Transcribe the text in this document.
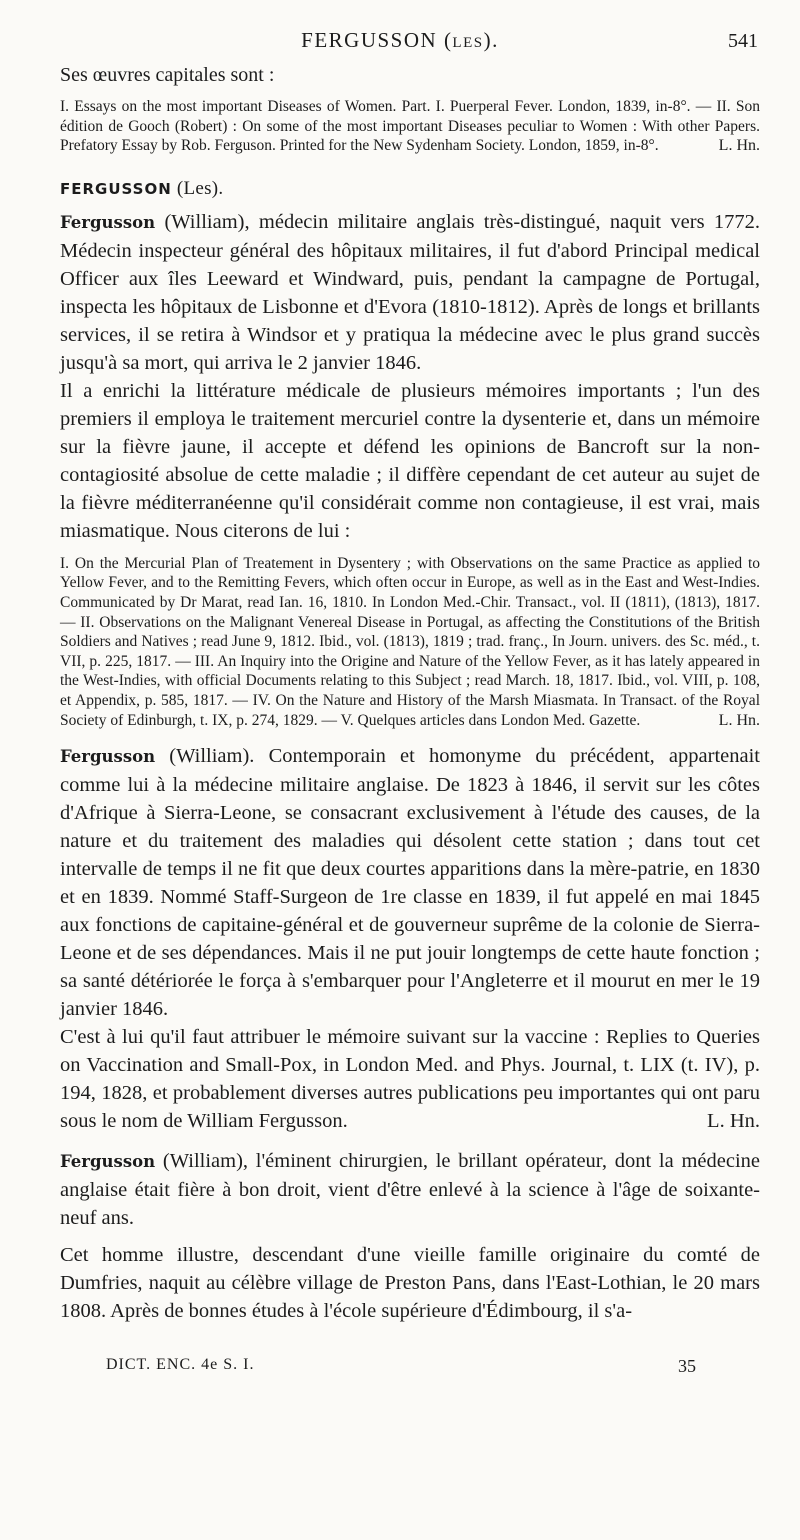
FERGUSSON (les).	541

Ses œuvres capitales sont :

I. Essays on the most important Diseases of Women. Part. I. Puerperal Fever. London, 1839, in-8°. — II. Son édition de Gooch (Robert) : On some of the most important Diseases peculiar to Women : With other Papers. Prefatory Essay by Rob. Ferguson. Printed for the New Sydenham Society. London, 1859, in-8°.	L. Hn.

FERGUSSON (Les).

Fergusson (William), médecin militaire anglais très-distingué, naquit vers 1772. Médecin inspecteur général des hôpitaux militaires, il fut d'abord Principal medical Officer aux îles Leeward et Windward, puis, pendant la campagne de Portugal, inspecta les hôpitaux de Lisbonne et d'Evora (1810-1812). Après de longs et brillants services, il se retira à Windsor et y pratiqua la médecine avec le plus grand succès jusqu'à sa mort, qui arriva le 2 janvier 1846.

Il a enrichi la littérature médicale de plusieurs mémoires importants ; l'un des premiers il employa le traitement mercuriel contre la dysenterie et, dans un mémoire sur la fièvre jaune, il accepte et défend les opinions de Bancroft sur la non-contagiosité absolue de cette maladie ; il diffère cependant de cet auteur au sujet de la fièvre méditerranéenne qu'il considérait comme non contagieuse, il est vrai, mais miasmatique. Nous citerons de lui :

I. On the Mercurial Plan of Treatement in Dysentery ; with Observations on the same Practice as applied to Yellow Fever, and to the Remitting Fevers, which often occur in Europe, as well as in the East and West-Indies. Communicated by Dr Marat, read Ian. 16, 1810. In London Med.-Chir. Transact., vol. II (1811), (1813), 1817. — II. Observations on the Malignant Venereal Disease in Portugal, as affecting the Constitutions of the British Soldiers and Natives ; read June 9, 1812. Ibid., vol. (1813), 1819 ; trad. franç., In Journ. univers. des Sc. méd., t. VII, p. 225, 1817. — III. An Inquiry into the Origine and Nature of the Yellow Fever, as it has lately appeared in the West-Indies, with official Documents relating to this Subject ; read March. 18, 1817. Ibid., vol. VIII, p. 108, et Appendix, p. 585, 1817. — IV. On the Nature and History of the Marsh Miasmata. In Transact. of the Royal Society of Edinburgh, t. IX, p. 274, 1829. — V. Quelques articles dans London Med. Gazette.	L. Hn.

Fergusson (William). Contemporain et homonyme du précédent, appartenait comme lui à la médecine militaire anglaise. De 1823 à 1846, il servit sur les côtes d'Afrique à Sierra-Leone, se consacrant exclusivement à l'étude des causes, de la nature et du traitement des maladies qui désolent cette station ; dans tout cet intervalle de temps il ne fit que deux courtes apparitions dans la mère-patrie, en 1830 et en 1839. Nommé Staff-Surgeon de 1re classe en 1839, il fut appelé en mai 1845 aux fonctions de capitaine-général et de gouverneur suprême de la colonie de Sierra-Leone et de ses dépendances. Mais il ne put jouir longtemps de cette haute fonction ; sa santé détériorée le força à s'embarquer pour l'Angleterre et il mourut en mer le 19 janvier 1846.

C'est à lui qu'il faut attribuer le mémoire suivant sur la vaccine : Replies to Queries on Vaccination and Small-Pox, in London Med. and Phys. Journal, t. LIX (t. IV), p. 194, 1828, et probablement diverses autres publications peu importantes qui ont paru sous le nom de William Fergusson.	L. Hn.

Fergusson (William), l'éminent chirurgien, le brillant opérateur, dont la médecine anglaise était fière à bon droit, vient d'être enlevé à la science à l'âge de soixante-neuf ans.

Cet homme illustre, descendant d'une vieille famille originaire du comté de Dumfries, naquit au célèbre village de Preston Pans, dans l'East-Lothian, le 20 mars 1808. Après de bonnes études à l'école supérieure d'Édimbourg, il s'a-

DICT. ENC. 4e S. I.	35
